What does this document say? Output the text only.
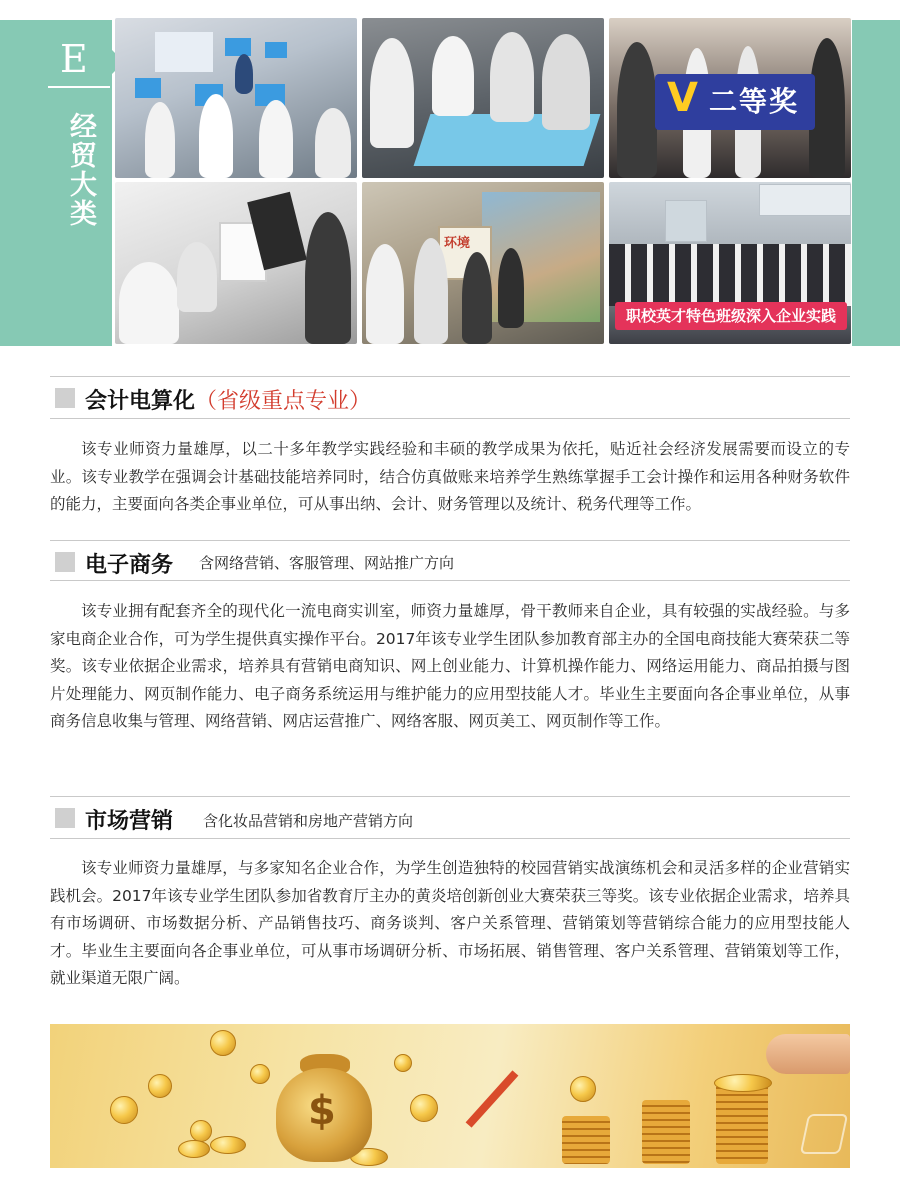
E
经贸大类
V 二等奖
环境
职校英才特色班级深入企业实践
会计电算化（省级重点专业）

该专业师资力量雄厚，以二十多年教学实践经验和丰硕的教学成果为依托，贴近社会经济发展需要而设立的专业。该专业教学在强调会计基础技能培养同时，结合仿真做账来培养学生熟练掌握手工会计操作和运用各种财务软件的能力，主要面向各类企事业单位，可从事出纳、会计、财务管理以及统计、税务代理等工作。

电子商务 含网络营销、客服管理、网站推广方向

该专业拥有配套齐全的现代化一流电商实训室，师资力量雄厚，骨干教师来自企业，具有较强的实战经验。与多家电商企业合作，可为学生提供真实操作平台。2017年该专业学生团队参加教育部主办的全国电商技能大赛荣获二等奖。该专业依据企业需求，培养具有营销电商知识、网上创业能力、计算机操作能力、网络运用能力、商品拍摄与图片处理能力、网页制作能力、电子商务系统运用与维护能力的应用型技能人才。毕业生主要面向各企事业单位，从事商务信息收集与管理、网络营销、网店运营推广、网络客服、网页美工、网页制作等工作。

市场营销 含化妆品营销和房地产营销方向

该专业师资力量雄厚，与多家知名企业合作，为学生创造独特的校园营销实战演练机会和灵活多样的企业营销实践机会。2017年该专业学生团队参加省教育厅主办的黄炎培创新创业大赛荣获三等奖。该专业依据企业需求，培养具有市场调研、市场数据分析、产品销售技巧、商务谈判、客户关系管理、营销策划等营销综合能力的应用型技能人才。毕业生主要面向各企事业单位，可从事市场调研分析、市场拓展、销售管理、客户关系管理、营销策划等工作，就业渠道无限广阔。

$
